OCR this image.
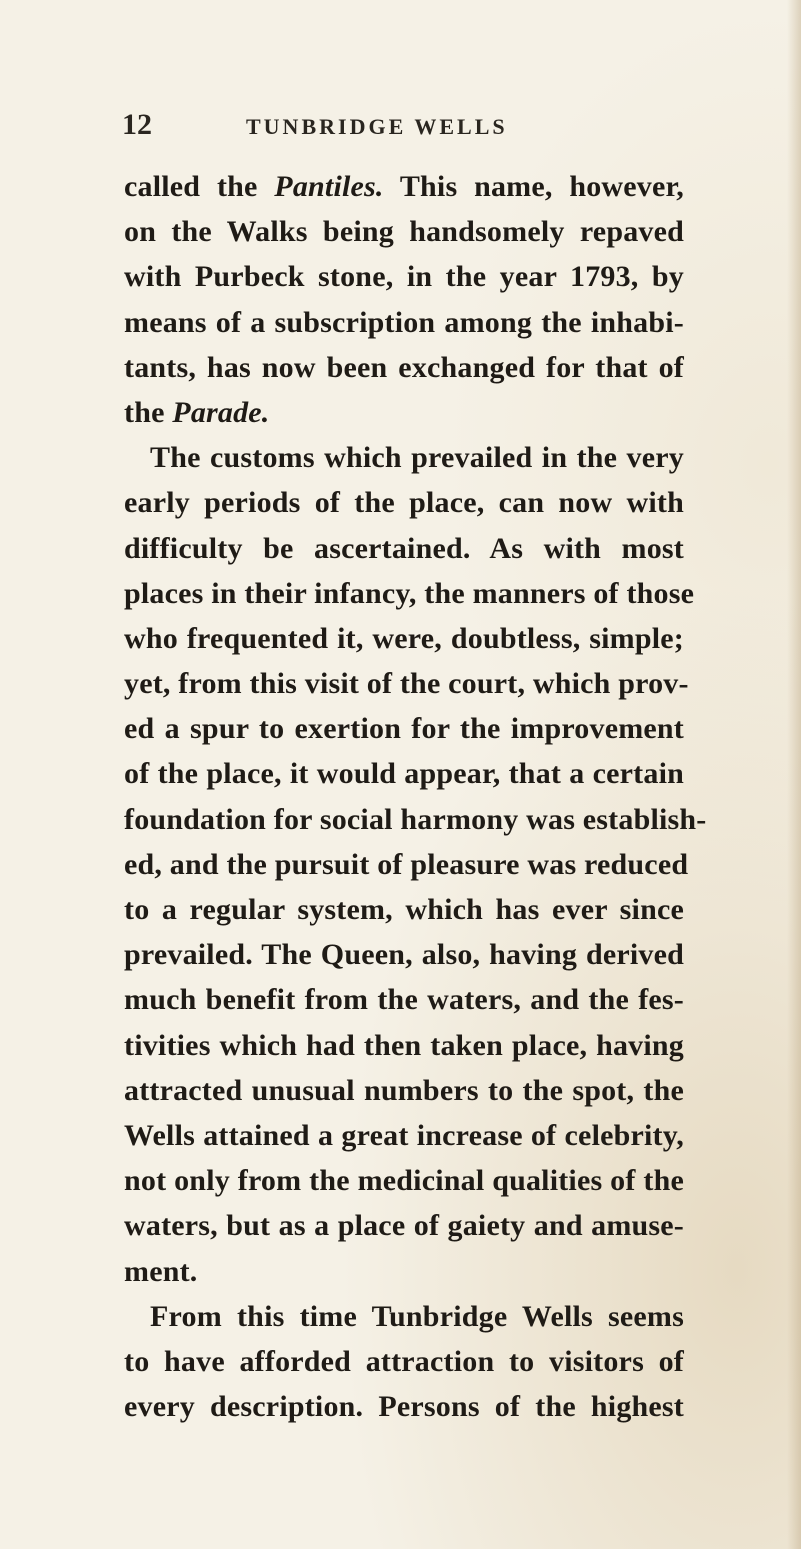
12	TUNBRIDGE WELLS
called the Pantiles. This name, however,
on the Walks being handsomely repaved
with Purbeck stone, in the year 1793, by
means of a subscription among the inhabi-
tants, has now been exchanged for that of
the Parade.
The customs which prevailed in the very
early periods of the place, can now with
difficulty be ascertained. As with most
places in their infancy, the manners of those
who frequented it, were, doubtless, simple;
yet, from this visit of the court, which prov-
ed a spur to exertion for the improvement
of the place, it would appear, that a certain
foundation for social harmony was establish-
ed, and the pursuit of pleasure was reduced
to a regular system, which has ever since
prevailed. The Queen, also, having derived
much benefit from the waters, and the fes-
tivities which had then taken place, having
attracted unusual numbers to the spot, the
Wells attained a great increase of celebrity,
not only from the medicinal qualities of the
waters, but as a place of gaiety and amuse-
ment.
From this time Tunbridge Wells seems
to have afforded attraction to visitors of
every description. Persons of the highest
